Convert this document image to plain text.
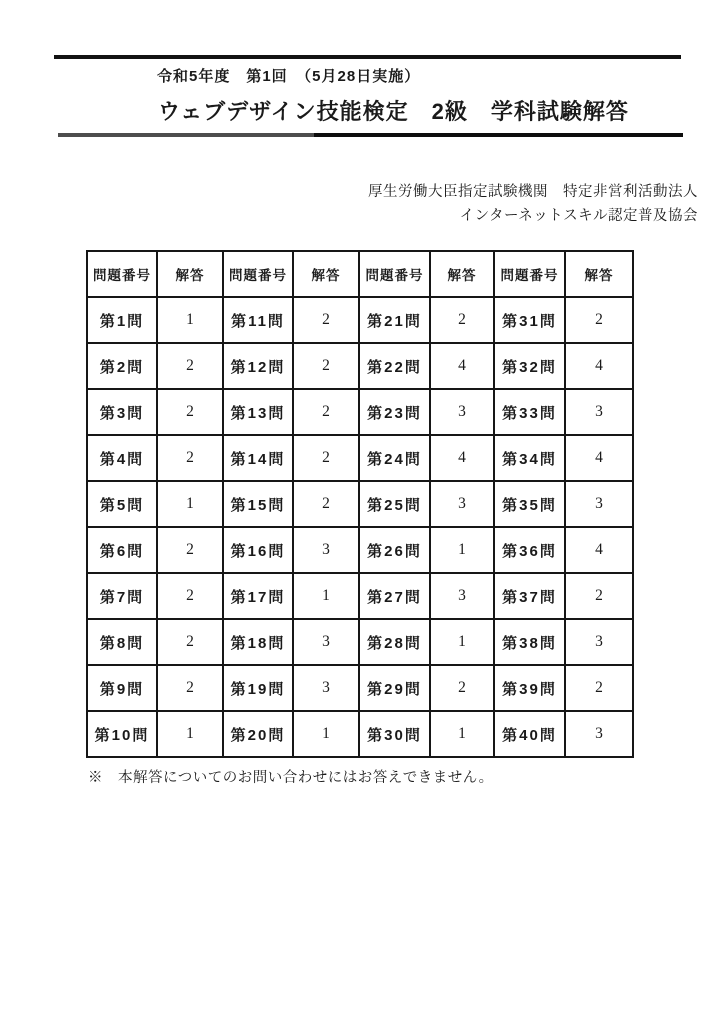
令和5年度　第1回　（5月28日実施）
ウェブデザイン技能検定　2級　学科試験解答
厚生労働大臣指定試験機関　特定非営利活動法人
インターネットスキル認定普及協会
問題番号	解答	問題番号	解答	問題番号	解答	問題番号	解答
第1問	1	第11問	2	第21問	2	第31問	2
第2問	2	第12問	2	第22問	4	第32問	4
第3問	2	第13問	2	第23問	3	第33問	3
第4問	2	第14問	2	第24問	4	第34問	4
第5問	1	第15問	2	第25問	3	第35問	3
第6問	2	第16問	3	第26問	1	第36問	4
第7問	2	第17問	1	第27問	3	第37問	2
第8問	2	第18問	3	第28問	1	第38問	3
第9問	2	第19問	3	第29問	2	第39問	2
第10問	1	第20問	1	第30問	1	第40問	3
※　本解答についてのお問い合わせにはお答えできません。
